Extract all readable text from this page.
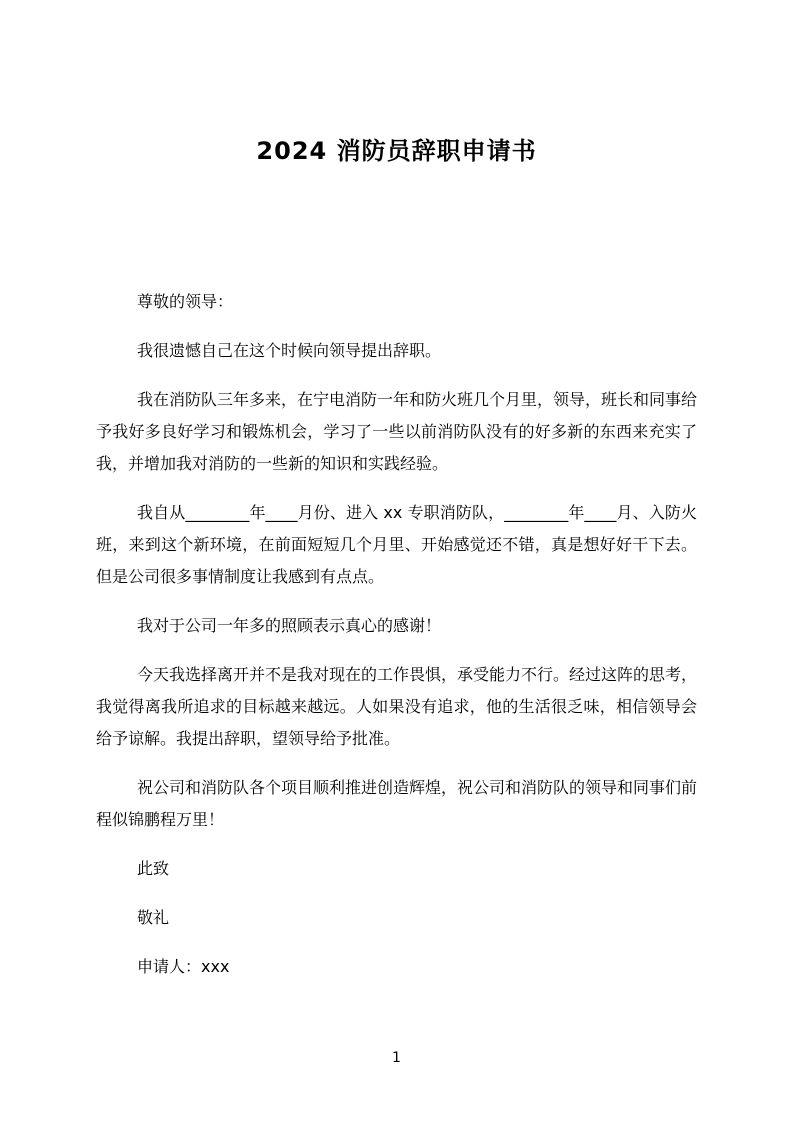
2024 消防员辞职申请书

尊敬的领导：

我很遗憾自己在这个时候向领导提出辞职。

我在消防队三年多来，在宁电消防一年和防火班几个月里，领导，班长和同事给予我好多良好学习和锻炼机会，学习了一些以前消防队没有的好多新的东西来充实了我，并增加我对消防的一些新的知识和实践经验。

我自从________年____月份、进入 xx 专职消防队，________年____月、入防火班，来到这个新环境，在前面短短几个月里、开始感觉还不错，真是想好好干下去。但是公司很多事情制度让我感到有点点。

我对于公司一年多的照顾表示真心的感谢！

今天我选择离开并不是我对现在的工作畏惧，承受能力不行。经过这阵的思考，我觉得离我所追求的目标越来越远。人如果没有追求，他的生活很乏味，相信领导会给予谅解。我提出辞职，望领导给予批准。

祝公司和消防队各个项目顺利推进创造辉煌，祝公司和消防队的领导和同事们前程似锦鹏程万里！

此致

敬礼

申请人：xxx

1
